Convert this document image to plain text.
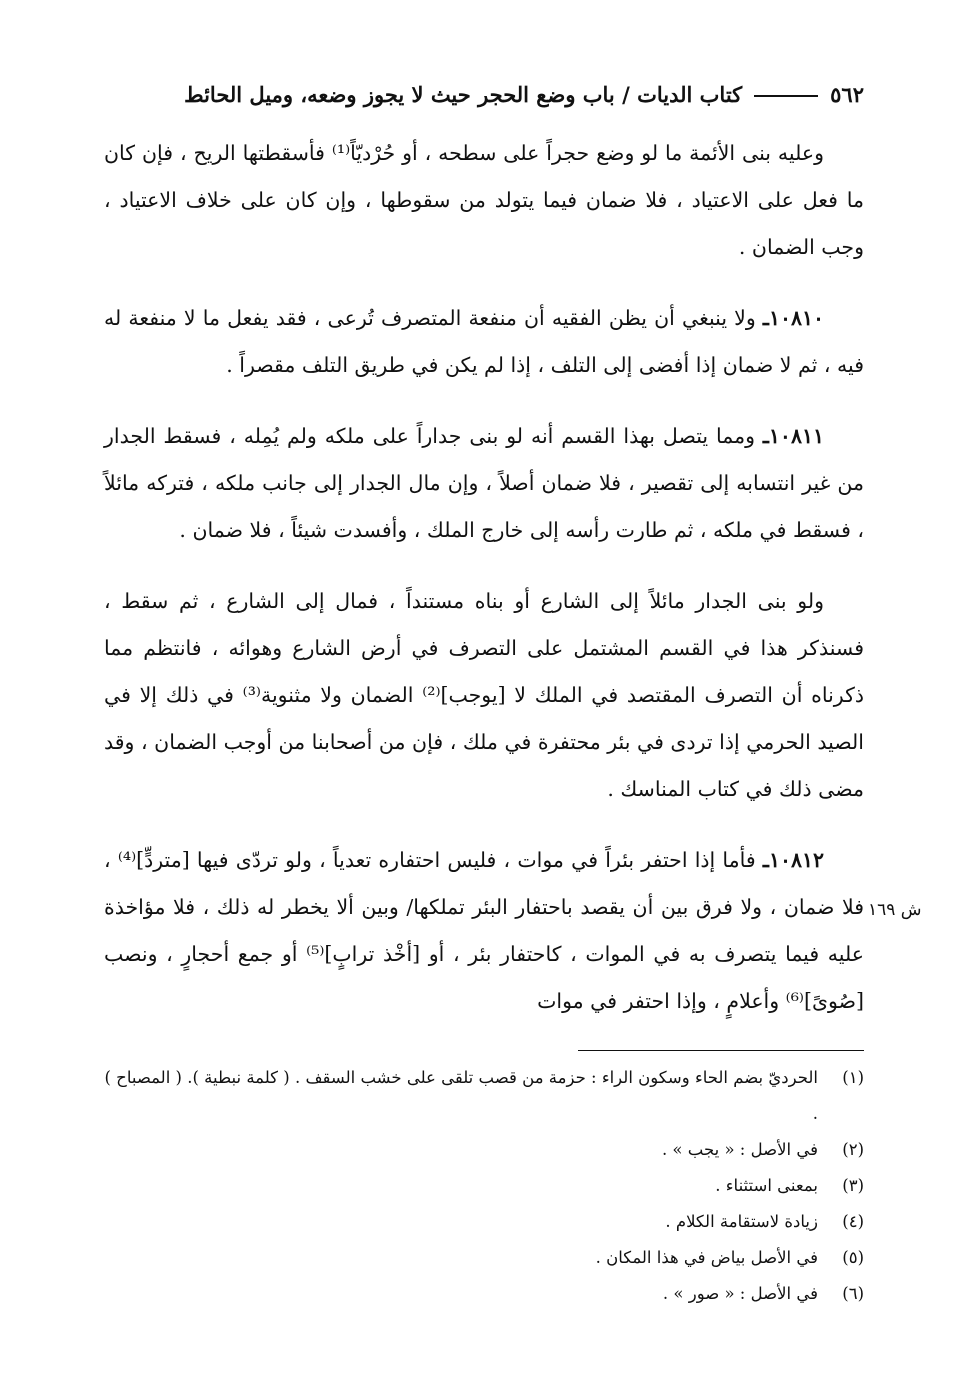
٥٦٢
كتاب الديات / باب وضع الحجر حيث لا يجوز وضعه، وميل الحائط

وعليه بنى الأئمة ما لو وضع حجراً على سطحه ، أو حُرْديّاً⁽¹⁾ فأسقطتها الريح ، فإن كان ما فعل على الاعتياد ، فلا ضمان فيما يتولد من سقوطها ، وإن كان على خلاف الاعتياد ، وجب الضمان .

١٠٨١٠ـ ولا ينبغي أن يظن الفقيه أن منفعة المتصرف تُرعى ، فقد يفعل ما لا منفعة له فيه ، ثم لا ضمان إذا أفضى إلى التلف ، إذا لم يكن في طريق التلف مقصراً .

١٠٨١١ـ ومما يتصل بهذا القسم أنه لو بنى جداراً على ملكه ولم يُمِله ، فسقط الجدار من غير انتسابه إلى تقصير ، فلا ضمان أصلاً ، وإن مال الجدار إلى جانب ملكه ، فتركه مائلاً ، فسقط في ملكه ، ثم طارت رأسه إلى خارج الملك ، وأفسدت شيئاً ، فلا ضمان .

ولو بنى الجدار مائلاً إلى الشارع أو بناه مستنداً ، فمال إلى الشارع ، ثم سقط ، فسنذكر هذا في القسم المشتمل على التصرف في أرض الشارع وهوائه ، فانتظم مما ذكرناه أن التصرف المقتصد في الملك لا [يوجب]⁽²⁾ الضمان ولا مثنوية⁽³⁾ في ذلك إلا في الصيد الحرمي إذا تردى في بئر محتفرة في ملك ، فإن من أصحابنا من أوجب الضمان ، وقد مضى ذلك في كتاب المناسك .

١٠٨١٢ـ فأما إذا احتفر بئراً في موات ، فليس احتفاره تعدياً ، ولو تردّى فيها [متردٍّ]⁽⁴⁾ ، فلا ضمان ، ولا فرق بين أن يقصد باحتفار البئر تملكها/ وبين ألا يخطر له ذلك ، فلا مؤاخذة عليه فيما يتصرف به في الموات ، كاحتفار بئر ، أو [أخْذ ترابٍ]⁽⁵⁾ أو جمع أحجارٍ ، ونصب [صُوىً]⁽⁶⁾ وأعلامٍ ، وإذا احتفر في موات

ش ١٦٩
(١)
الحرديّ بضم الحاء وسكون الراء : حزمة من قصب تلقى على خشب السقف . ( كلمة نبطية ). ( المصباح ) .
(٢)
في الأصل : « يجب » .
(٣)
بمعنى استثناء .
(٤)
زيادة لاستقامة الكلام .
(٥)
في الأصل بياض في هذا المكان .
(٦)
في الأصل : « صور » .
